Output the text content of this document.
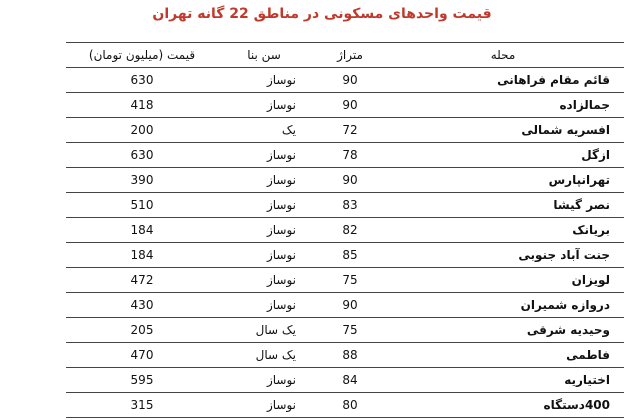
قیمت واحدهای مسکونی در مناطق 22 گانه تهران
قیمت (میلیون تومان)	سن بنا	متراژ	محله
630	نوساز	90	قائم مقام فراهانی
418	نوساز	90	جمالزاده
200	یک	72	افسریه شمالی
630	نوساز	78	ازگل
390	نوساز	90	تهرانپارس
510	نوساز	83	نصر گیشا
184	نوساز	82	بریانک
184	نوساز	85	جنت آباد جنوبی
472	نوساز	75	لویزان
430	نوساز	90	دروازه شمیران
205	یک سال	75	وحیدیه شرقی
470	یک سال	88	فاطمی
595	نوساز	84	اختیاریه
315	نوساز	80	400دستگاه
